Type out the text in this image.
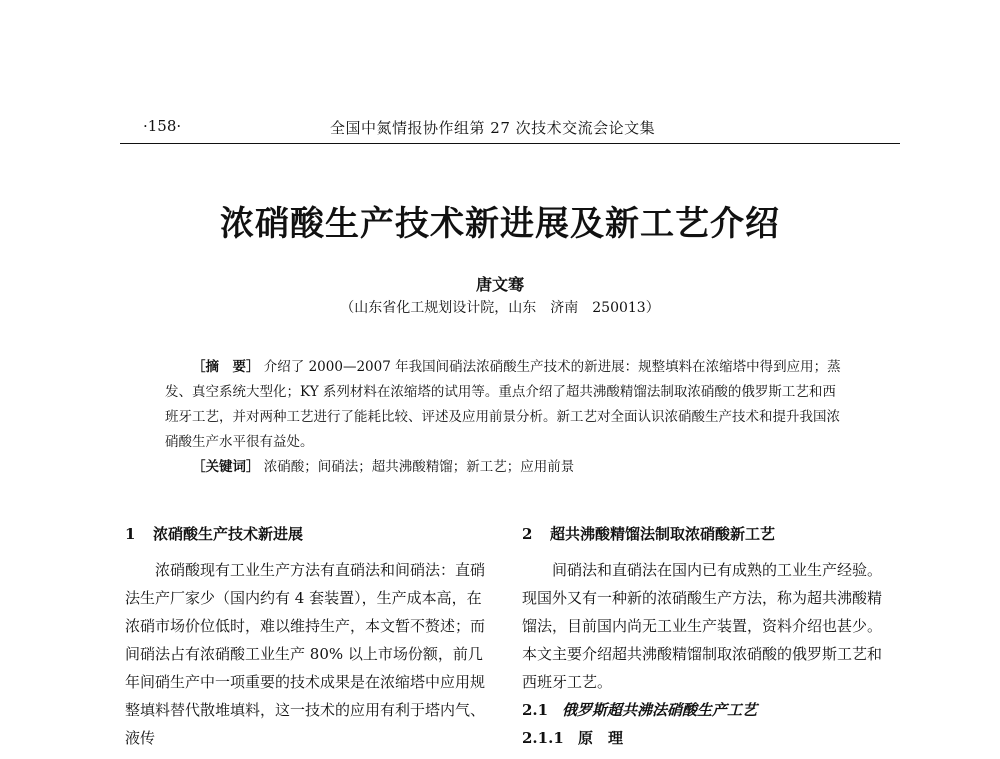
·158·	全国中氮情报协作组第 27 次技术交流会论文集
浓硝酸生产技术新进展及新工艺介绍
唐文骞
（山东省化工规划设计院，山东　济南　250013）

［摘　要］ 介绍了 2000—2007 年我国间硝法浓硝酸生产技术的新进展：规整填料在浓缩塔中得到应用；蒸发、真空系统大型化；KY 系列材料在浓缩塔的试用等。重点介绍了超共沸酸精馏法制取浓硝酸的俄罗斯工艺和西班牙工艺，并对两种工艺进行了能耗比较、评述及应用前景分析。新工艺对全面认识浓硝酸生产技术和提升我国浓硝酸生产水平很有益处。

［关键词］ 浓硝酸；间硝法；超共沸酸精馏；新工艺；应用前景

1 浓硝酸生产技术新进展

浓硝酸现有工业生产方法有直硝法和间硝法：直硝法生产厂家少（国内约有 4 套装置），生产成本高，在浓硝市场价位低时，难以维持生产，本文暂不赘述；而间硝法占有浓硝酸工业生产 80% 以上市场份额，前几年间硝生产中一项重要的技术成果是在浓缩塔中应用规整填料替代散堆填料，这一技术的应用有利于塔内气、液传

2 超共沸酸精馏法制取浓硝酸新工艺

间硝法和直硝法在国内已有成熟的工业生产经验。现国外又有一种新的浓硝酸生产方法，称为超共沸酸精馏法，目前国内尚无工业生产装置，资料介绍也甚少。本文主要介绍超共沸酸精馏制取浓硝酸的俄罗斯工艺和西班牙工艺。

2.1 俄罗斯超共沸法硝酸生产工艺

2.1.1 原　理
